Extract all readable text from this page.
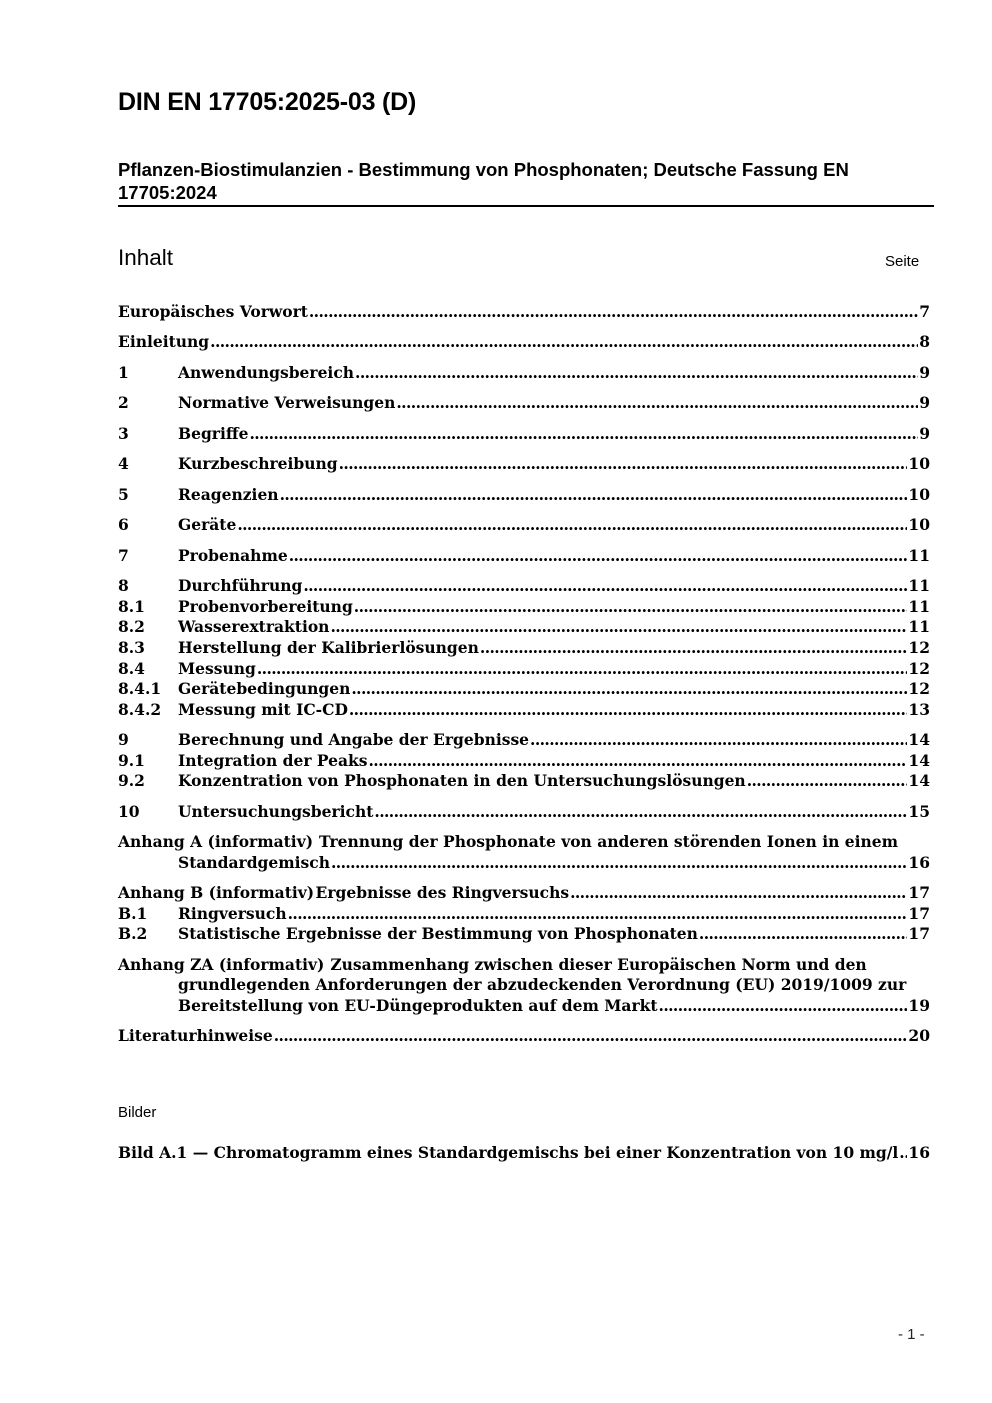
DIN EN 17705:2025-03 (D)
Pflanzen-Biostimulanzien - Bestimmung von Phosphonaten; Deutsche Fassung EN 17705:2024
Inhalt	Seite
Europäisches Vorwort .....	7
Einleitung .....	8
1	Anwendungsbereich .....	9
2	Normative Verweisungen .....	9
3	Begriffe .....	9
4	Kurzbeschreibung .....	10
5	Reagenzien .....	10
6	Geräte .....	10
7	Probenahme .....	11
8	Durchführung .....	11
8.1	Probenvorbereitung .....	11
8.2	Wasserextraktion .....	11
8.3	Herstellung der Kalibrierlösungen .....	12
8.4	Messung .....	12
8.4.1	Gerätebedingungen .....	12
8.4.2	Messung mit IC-CD .....	13
9	Berechnung und Angabe der Ergebnisse .....	14
9.1	Integration der Peaks .....	14
9.2	Konzentration von Phosphonaten in den Untersuchungslösungen .....	14
10	Untersuchungsbericht .....	15
Anhang A (informativ) Trennung der Phosphonate von anderen störenden Ionen in einem
Standardgemisch .....	16
Anhang B (informativ) Ergebnisse des Ringversuchs .....	17
B.1	Ringversuch .....	17
B.2	Statistische Ergebnisse der Bestimmung von Phosphonaten .....	17
Anhang ZA (informativ) Zusammenhang zwischen dieser Europäischen Norm und den
grundlegenden Anforderungen der abzudeckenden Verordnung (EU) 2019/1009 zur
Bereitstellung von EU-Düngeprodukten auf dem Markt .....	19
Literaturhinweise .....	20
Bilder
Bild A.1 — Chromatogramm eines Standardgemischs bei einer Konzentration von 10 mg/l ..... 16
- 1 -
